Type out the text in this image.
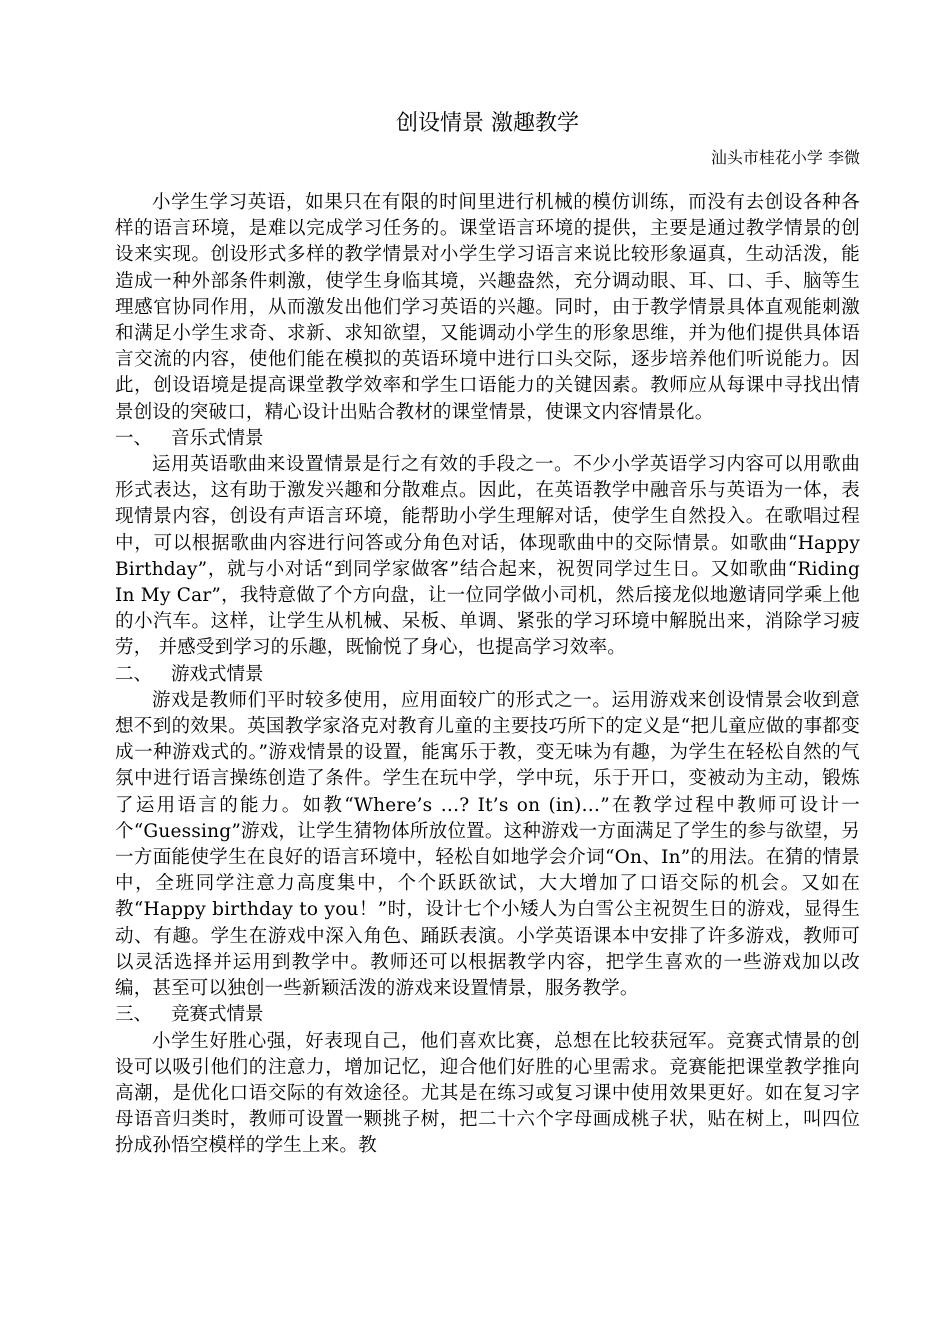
创设情景 激趣教学
汕头市桂花小学 李微

小学生学习英语，如果只在有限的时间里进行机械的模仿训练，而没有去创设各种各样的语言环境，是难以完成学习任务的。课堂语言环境的提供，主要是通过教学情景的创设来实现。创设形式多样的教学情景对小学生学习语言来说比较形象逼真，生动活泼，能造成一种外部条件刺激，使学生身临其境，兴趣盎然，充分调动眼、耳、口、手、脑等生理感官协同作用，从而激发出他们学习英语的兴趣。同时，由于教学情景具体直观能刺激和满足小学生求奇、求新、求知欲望，又能调动小学生的形象思维，并为他们提供具体语言交流的内容，使他们能在模拟的英语环境中进行口头交际，逐步培养他们听说能力。因此，创设语境是提高课堂教学效率和学生口语能力的关键因素。教师应从每课中寻找出情景创设的突破口，精心设计出贴合教材的课堂情景，使课文内容情景化。

一、 音乐式情景

运用英语歌曲来设置情景是行之有效的手段之一。不少小学英语学习内容可以用歌曲形式表达，这有助于激发兴趣和分散难点。因此，在英语教学中融音乐与英语为一体，表现情景内容，创设有声语言环境，能帮助小学生理解对话，使学生自然投入。在歌唱过程中，可以根据歌曲内容进行问答或分角色对话，体现歌曲中的交际情景。如歌曲“Happy Birthday”，就与小对话“到同学家做客”结合起来，祝贺同学过生日。又如歌曲“Riding In My Car”，我特意做了个方向盘，让一位同学做小司机，然后接龙似地邀请同学乘上他的小汽车。这样，让学生从机械、呆板、单调、紧张的学习环境中解脱出来，消除学习疲劳， 并感受到学习的乐趣，既愉悦了身心，也提高学习效率。

二、 游戏式情景

游戏是教师们平时较多使用，应用面较广的形式之一。运用游戏来创设情景会收到意想不到的效果。英国教学家洛克对教育儿童的主要技巧所下的定义是“把儿童应做的事都变成一种游戏式的。”游戏情景的设置，能寓乐于教，变无味为有趣，为学生在轻松自然的气氛中进行语言操练创造了条件。学生在玩中学，学中玩，乐于开口，变被动为主动，锻炼了运用语言的能力。如教“Where’s …? It’s on (in)…”在教学过程中教师可设计一个“Guessing”游戏，让学生猜物体所放位置。这种游戏一方面满足了学生的参与欲望，另一方面能使学生在良好的语言环境中，轻松自如地学会介词“On、In”的用法。在猜的情景中，全班同学注意力高度集中，个个跃跃欲试，大大增加了口语交际的机会。又如在教“Happy birthday to you！”时，设计七个小矮人为白雪公主祝贺生日的游戏，显得生动、有趣。学生在游戏中深入角色、踊跃表演。小学英语课本中安排了许多游戏，教师可以灵活选择并运用到教学中。教师还可以根据教学内容，把学生喜欢的一些游戏加以改编，甚至可以独创一些新颖活泼的游戏来设置情景，服务教学。

三、 竞赛式情景

小学生好胜心强，好表现自己，他们喜欢比赛，总想在比较获冠军。竞赛式情景的创设可以吸引他们的注意力，增加记忆，迎合他们好胜的心里需求。竞赛能把课堂教学推向高潮，是优化口语交际的有效途径。尤其是在练习或复习课中使用效果更好。如在复习字母语音归类时，教师可设置一颗挑子树，把二十六个字母画成桃子状，贴在树上，叫四位扮成孙悟空模样的学生上来。教
